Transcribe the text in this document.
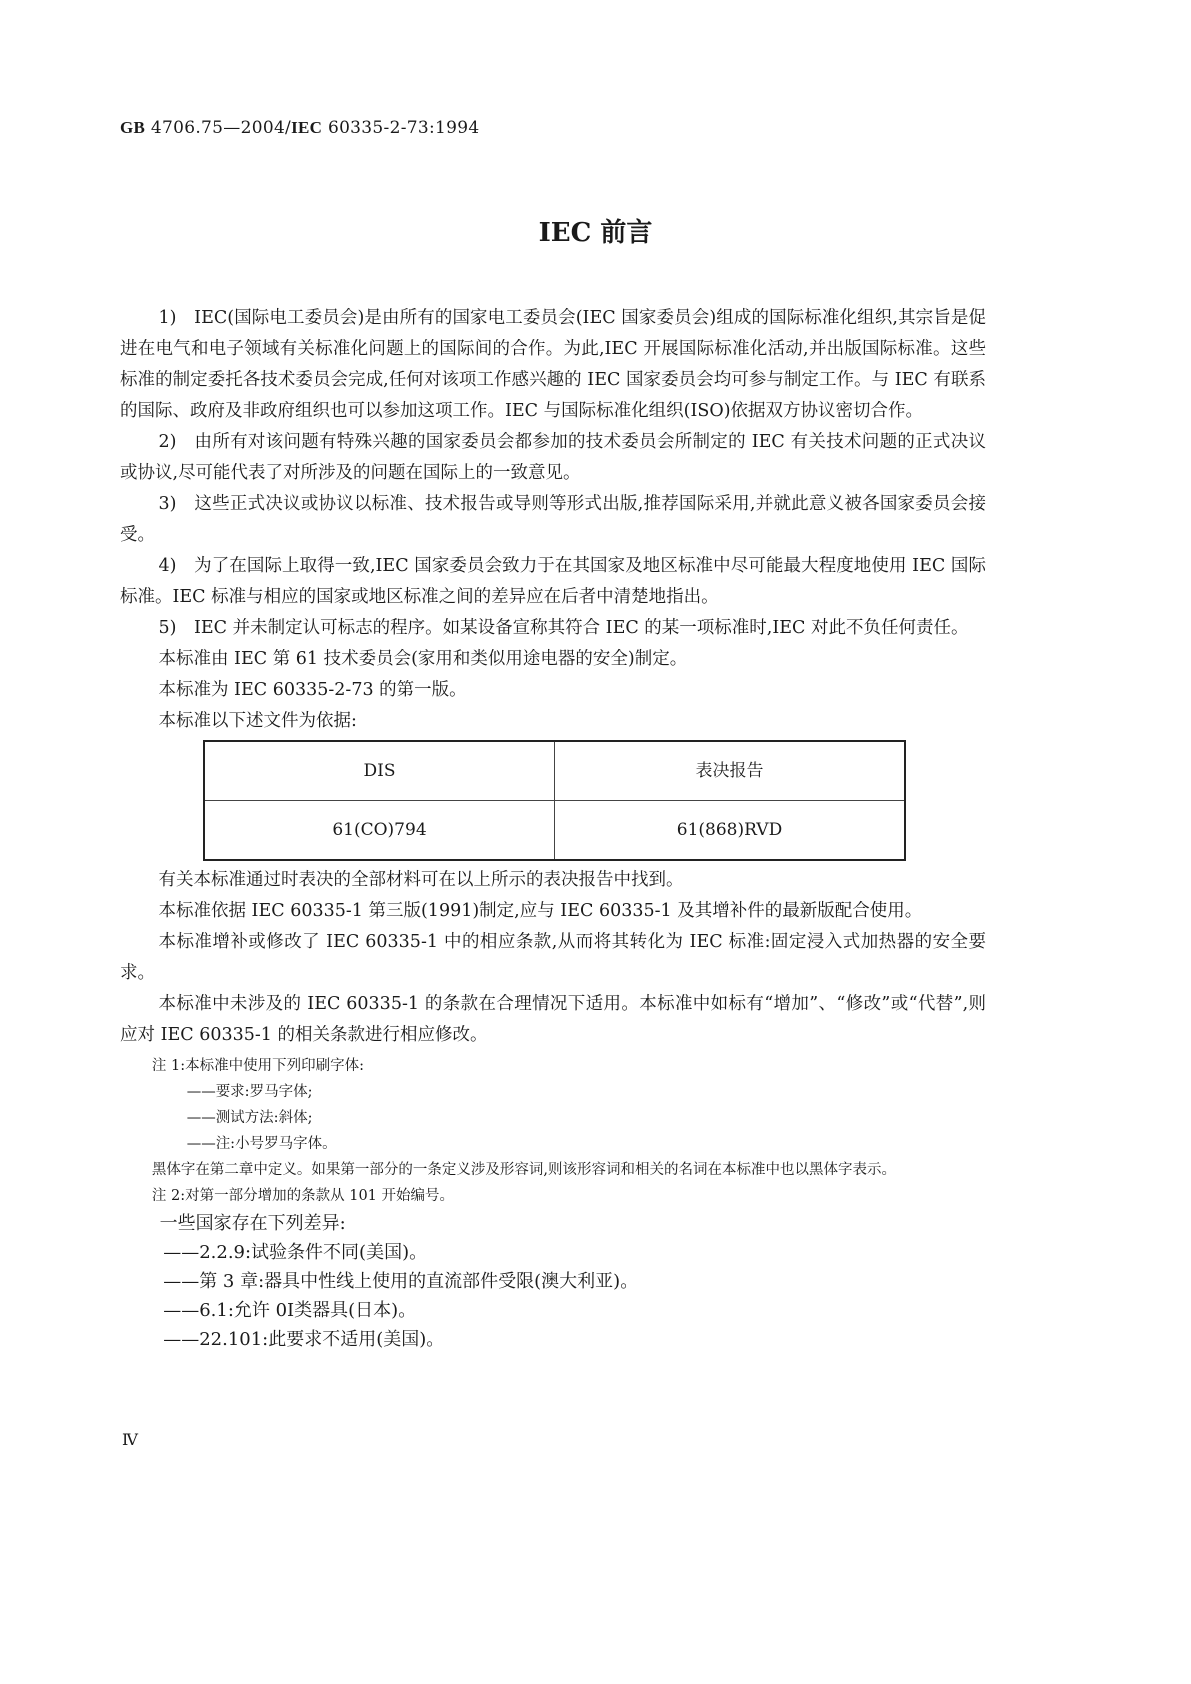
GB 4706.75—2004/IEC 60335-2-73:1994
IEC 前言

1)　IEC(国际电工委员会)是由所有的国家电工委员会(IEC 国家委员会)组成的国际标准化组织,其宗旨是促进在电气和电子领域有关标准化问题上的国际间的合作。为此,IEC 开展国际标准化活动,并出版国际标准。这些标准的制定委托各技术委员会完成,任何对该项工作感兴趣的 IEC 国家委员会均可参与制定工作。与 IEC 有联系的国际、政府及非政府组织也可以参加这项工作。IEC 与国际标准化组织(ISO)依据双方协议密切合作。

2)　由所有对该问题有特殊兴趣的国家委员会都参加的技术委员会所制定的 IEC 有关技术问题的正式决议或协议,尽可能代表了对所涉及的问题在国际上的一致意见。

3)　这些正式决议或协议以标准、技术报告或导则等形式出版,推荐国际采用,并就此意义被各国家委员会接受。

4)　为了在国际上取得一致,IEC 国家委员会致力于在其国家及地区标准中尽可能最大程度地使用 IEC 国际标准。IEC 标准与相应的国家或地区标准之间的差异应在后者中清楚地指出。

5)　IEC 并未制定认可标志的程序。如某设备宣称其符合 IEC 的某一项标准时,IEC 对此不负任何责任。

本标准由 IEC 第 61 技术委员会(家用和类似用途电器的安全)制定。

本标准为 IEC 60335-2-73 的第一版。

本标准以下述文件为依据:

DIS	表决报告
61(CO)794	61(868)RVD

有关本标准通过时表决的全部材料可在以上所示的表决报告中找到。

本标准依据 IEC 60335-1 第三版(1991)制定,应与 IEC 60335-1 及其增补件的最新版配合使用。

本标准增补或修改了 IEC 60335-1 中的相应条款,从而将其转化为 IEC 标准:固定浸入式加热器的安全要求。

本标准中未涉及的 IEC 60335-1 的条款在合理情况下适用。本标准中如标有“增加”、“修改”或“代替”,则应对 IEC 60335-1 的相关条款进行相应修改。

注 1:本标准中使用下列印刷字体:

——要求:罗马字体;

——测试方法:斜体;

——注:小号罗马字体。

黑体字在第二章中定义。如果第一部分的一条定义涉及形容词,则该形容词和相关的名词在本标准中也以黑体字表示。

注 2:对第一部分增加的条款从 101 开始编号。

一些国家存在下列差异:

——2.2.9:试验条件不同(美国)。

——第 3 章:器具中性线上使用的直流部件受限(澳大利亚)。

——6.1:允许 0Ⅰ类器具(日本)。

——22.101:此要求不适用(美国)。

Ⅳ
